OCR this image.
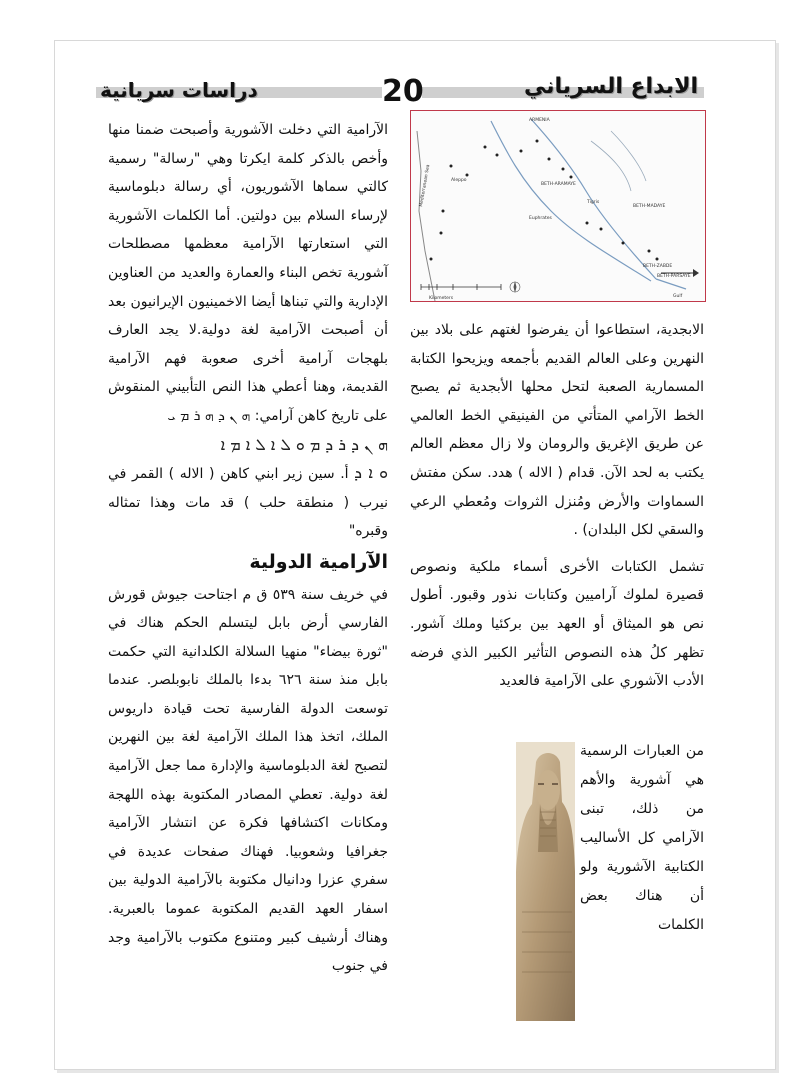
دراسات سريانية	20	الابداع السرياني
ARMENIA
Mediterranean Sea	Aleppo
BETH-MADAYE
BETH-ARAMAYE
BETH-ZABDE
BETH-PARSAYE
Euphrates
Tigris
Gulf
Kilometers

الآرامية التي دخلت الآشورية وأصبحت ضمنا منها وأخص بالذكر كلمة ايكرتا وهي "رسالة" رسمية كالتي سماها الآشوريون، أي رسالة دبلوماسية لإرساء السلام بين دولتين. أما الكلمات الآشورية التي استعارتها الآرامية معظمها مصطلحات آشورية تخص البناء والعمارة والعديد من العناوين الإدارية والتي تبناها أيضا الاخمينيون الإيرانيون بعد أن أصبحت الآرامية لغة دولية.لا يجد العارف بلهجات آرامية أخرى صعوبة فهم الآرامية القديمة، وهنا أعطي هذا النص التأبيني المنقوش على تاريخ كاهن آرامي: ܗ ܢ ܕ ܗ ܪ ܡ ܝ

ܗ ܢ ܕ ܪ ܕ ܡ ܘ ܠ ܐ ܠ ܐ ܡ ܐ

ܘ ܐ ܕ أ. سين زير ابني كاهن ( الاله ) القمر في نيرب ( منطقة حلب ) قد مات وهذا تمثاله وقبره"

الآرامية الدولية

في خريف سنة ٥٣٩ ق م اجتاحت جيوش قورش الفارسي أرض بابل ليتسلم الحكم هناك في "ثورة بيضاء" منهيا السلالة الكلدانية التي حكمت بابل منذ سنة ٦٢٦ بدءا بالملك نابوبلصر. عندما توسعت الدولة الفارسية تحت قيادة داريوس الملك، اتخذ هذا الملك الآرامية لغة بين النهرين لتصبح لغة الدبلوماسية والإدارة مما جعل الآرامية لغة دولية. تعطي المصادر المكتوبة بهذه اللهجة ومكانات اكتشافها فكرة عن انتشار الآرامية جغرافيا وشعوبيا. فهناك صفحات عديدة في سفري عزرا ودانيال مكتوبة بالآرامية الدولية بين اسفار العهد القديم المكتوبة عموما بالعبرية. وهناك أرشيف كبير ومتنوع مكتوب بالآرامية وجد في جنوب

الابجدية، استطاعوا أن يفرضوا لغتهم على بلاد بين النهرين وعلى العالم القديم بأجمعه ويزيحوا الكتابة المسمارية الصعبة لتحل محلها الأبجدية ثم يصبح الخط الآرامي المتأتي من الفينيقي الخط العالمي عن طريق الإغريق والرومان ولا زال معظم العالم يكتب به لحد الآن. قدام ( الاله ) هدد. سكن مفتش السماوات والأرض ومُنزل الثروات ومُعطي الرعي والسقي لكل البلدان) .

تشمل الكتابات الأخرى أسماء ملكية ونصوص قصيرة لملوك آراميين وكتابات نذور وقبور. أطول نص هو الميثاق أو العهد بين بركئيا وملك آشور. تظهر كلُ هذه النصوص التأثير الكبير الذي فرضه الأدب الآشوري على الآرامية فالعديد

من العبارات الرسمية هي آشورية والأهم من ذلك، تبنى الآرامي كل الأساليب الكتابية الآشورية ولو أن هناك بعض الكلمات
